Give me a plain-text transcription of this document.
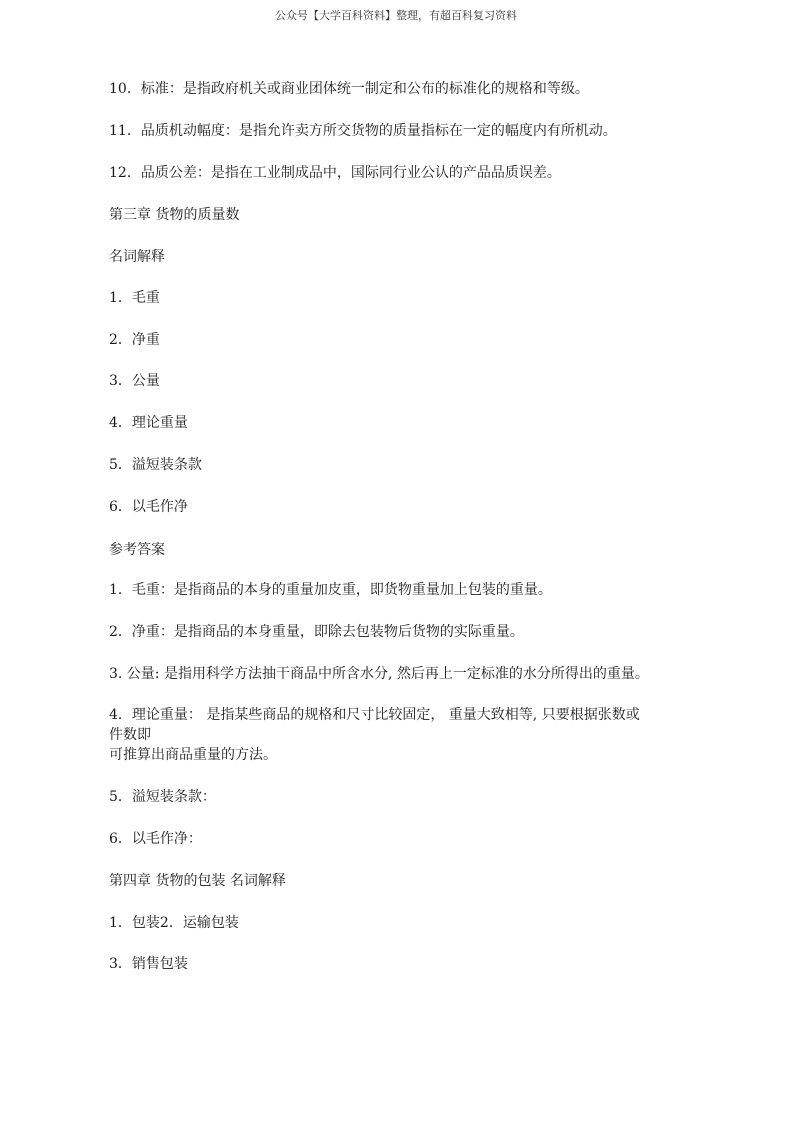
公众号【大学百科资料】整理，有超百科复习资料
10．标准：是指政府机关或商业团体统一制定和公布的标准化的规格和等级。
11．品质机动幅度：是指允许卖方所交货物的质量指标在一定的幅度内有所机动。
12．品质公差：是指在工业制成品中，国际同行业公认的产品品质误差。
第三章 货物的质量数
名词解释
1．毛重
2．净重
3．公量
4．理论重量
5．溢短装条款
6．以毛作净
参考答案
1．毛重：是指商品的本身的重量加皮重，即货物重量加上包装的重量。
2．净重：是指商品的本身重量，即除去包装物后货物的实际重量。
3. 公量: 是指用科学方法抽干商品中所含水分, 然后再上一定标准的水分所得出的重量。
4．理论重量： 是指某些商品的规格和尺寸比较固定， 重量大致相等, 只要根据张数或
件数即
可推算出商品重量的方法。
5．溢短装条款：
6．以毛作净：
第四章 货物的包装 名词解释
1．包装2．运输包装
3．销售包装
